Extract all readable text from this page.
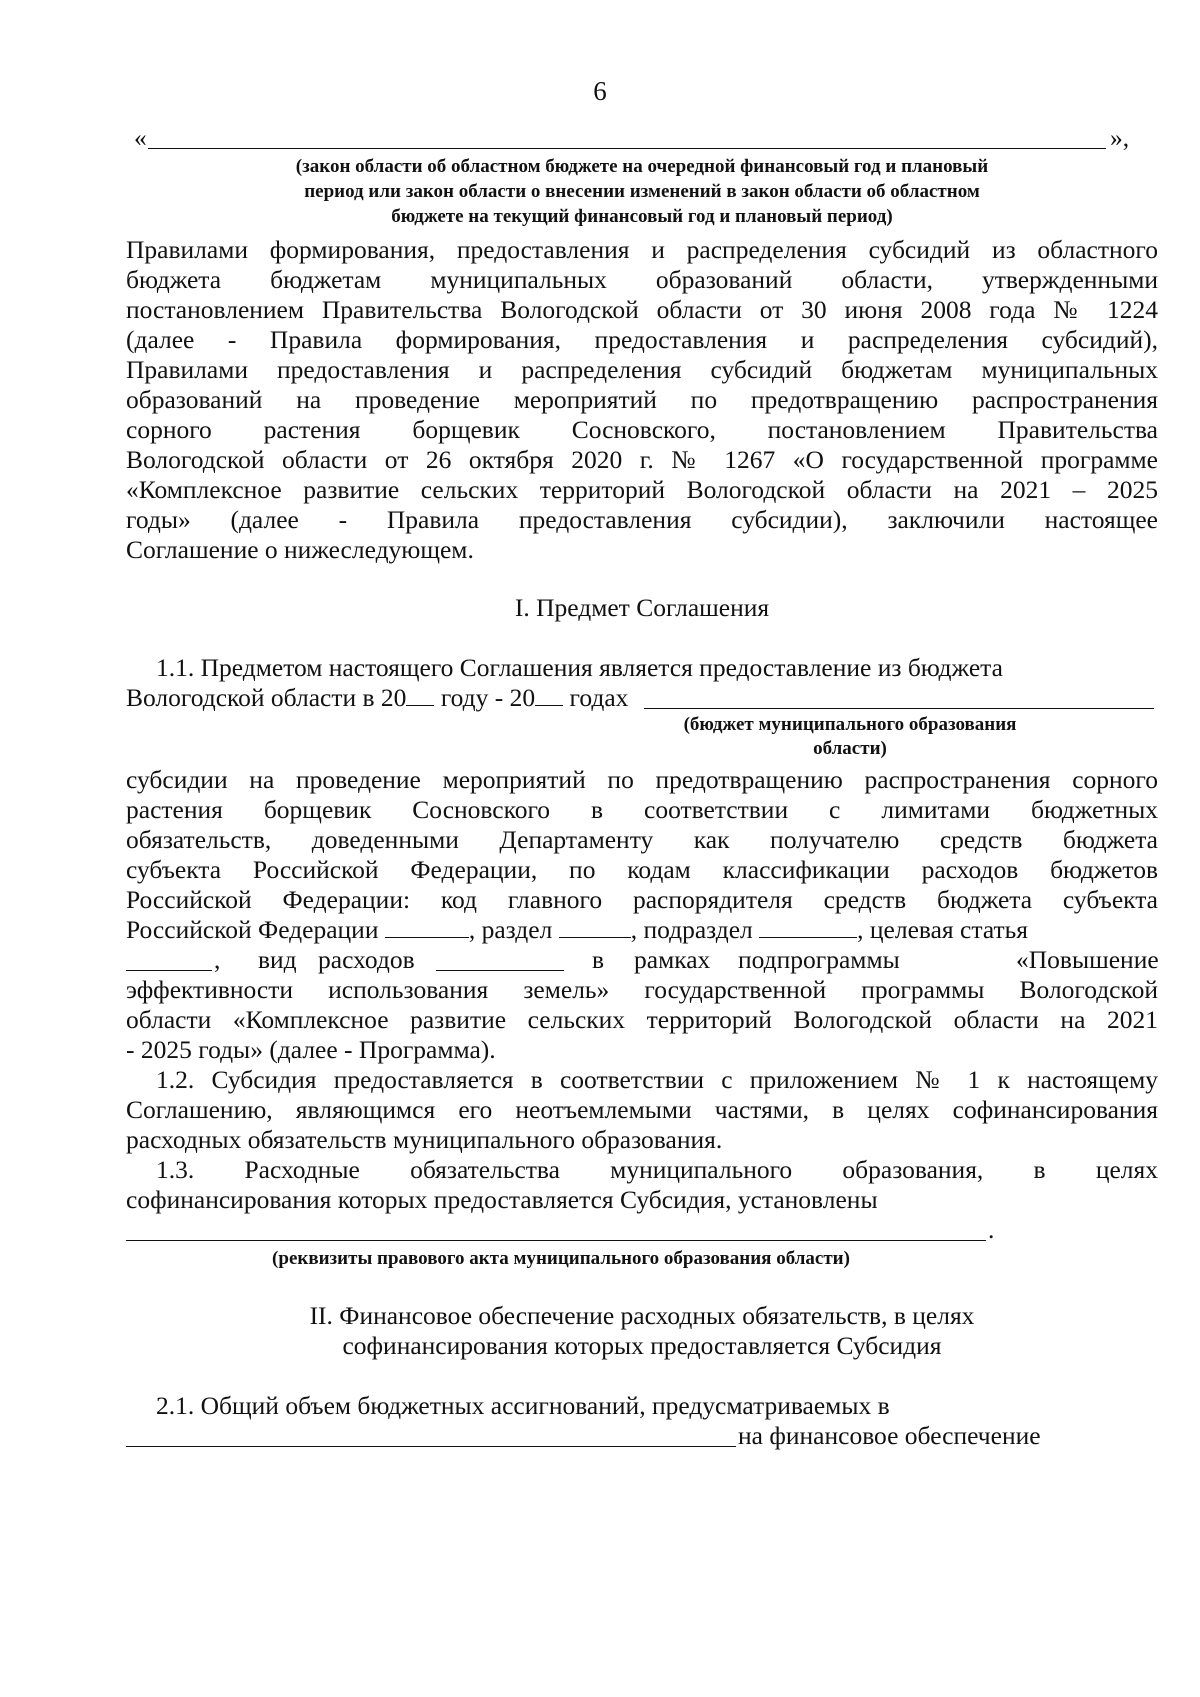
6
«	»,
(закон области об областном бюджете на очередной финансовый год и плановый
период или закон области о внесении изменений в закон области об областном
бюджете на текущий финансовый год и плановый период)
Правилами формирования, предоставления и распределения субсидий из областного
бюджета бюджетам муниципальных образований области, утвержденными
постановлением Правительства Вологодской области от 30 июня 2008 года № 1224
(далее - Правила формирования, предоставления и распределения субсидий),
Правилами предоставления и распределения субсидий бюджетам муниципальных
образований на проведение мероприятий по предотвращению распространения
сорного растения борщевик Сосновского, постановлением Правительства
Вологодской области от 26 октября 2020 г. № 1267 «О государственной программе
«Комплексное развитие сельских территорий Вологодской области на 2021 – 2025
годы» (далее - Правила предоставления субсидии), заключили настоящее
Соглашение о нижеследующем.
I. Предмет Соглашения
1.1. Предметом настоящего Соглашения является предоставление из бюджета
Вологодской области в 20 году - 20 годах
(бюджет муниципального образования
области)
субсидии на проведение мероприятий по предотвращению распространения сорного
растения борщевик Сосновского в соответствии с лимитами бюджетных
обязательств, доведенными Департаменту как получателю средств бюджета
субъекта Российской Федерации, по кодам классификации расходов бюджетов
Российской Федерации: код главного распорядителя средств бюджета субъекта
Российской Федерации	, раздел	, подраздел	, целевая статья
, вид расходов	в рамках подпрограммы	«Повышение
эффективности использования земель» государственной программы Вологодской
области «Комплексное развитие сельских территорий Вологодской области на 2021
- 2025 годы» (далее - Программа).
1.2. Субсидия предоставляется в соответствии с приложением № 1 к настоящему
Соглашению, являющимся его неотъемлемыми частями, в целях софинансирования
расходных обязательств муниципального образования.
1.3. Расходные обязательства муниципального образования, в целях
софинансирования которых предоставляется Субсидия, установлены
.
(реквизиты правового акта муниципального образования области)
II. Финансовое обеспечение расходных обязательств, в целях
софинансирования которых предоставляется Субсидия
2.1. Общий объем бюджетных ассигнований, предусматриваемых в
на финансовое обеспечение
